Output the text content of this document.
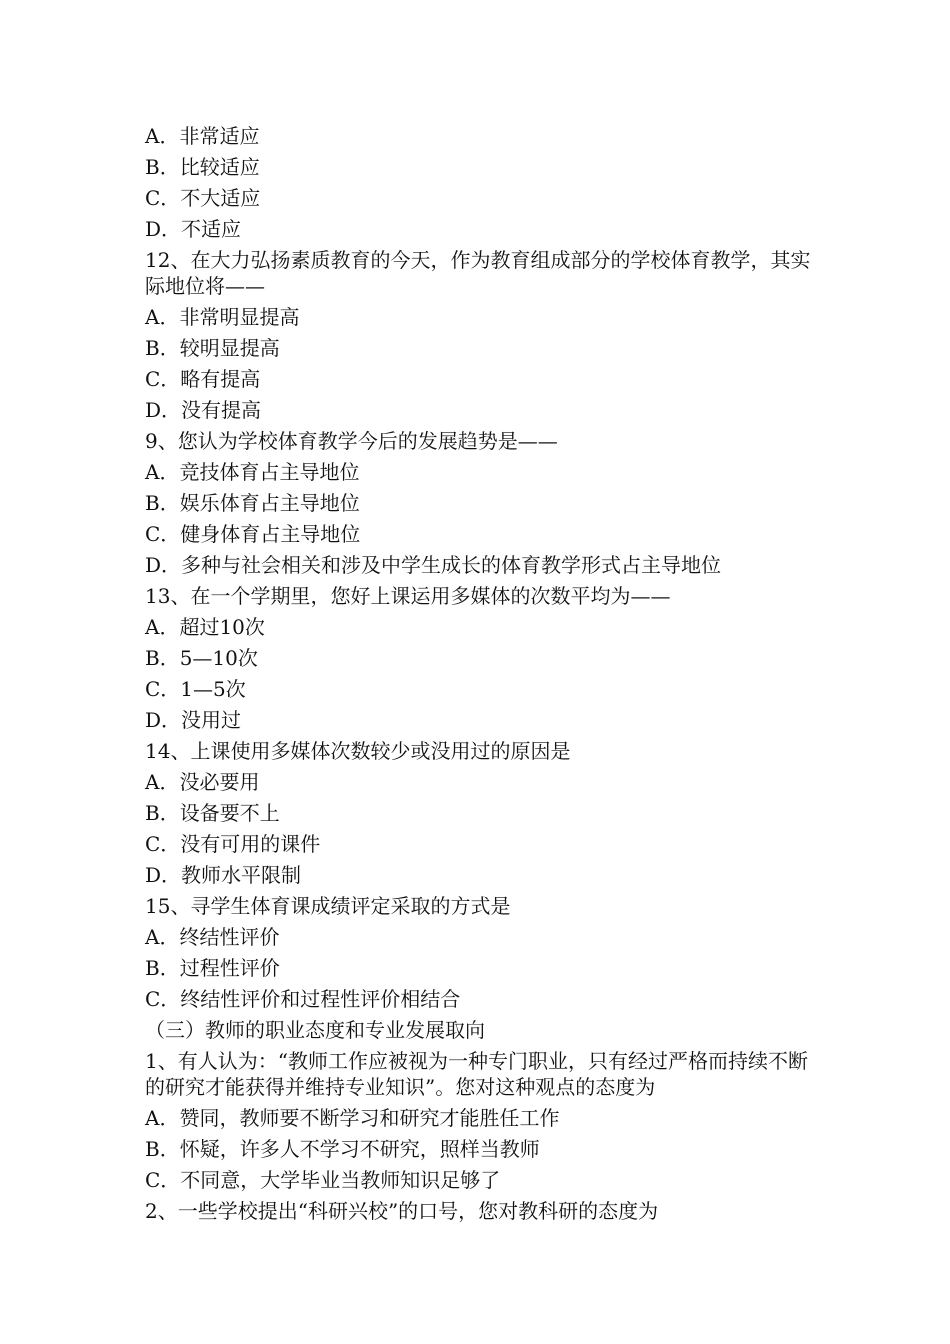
A．非常适应
B．比较适应
C．不大适应
D．不适应
12、在大力弘扬素质教育的今天，作为教育组成部分的学校体育教学，其实际地位将——
A．非常明显提高
B．较明显提高
C．略有提高
D．没有提高
9、您认为学校体育教学今后的发展趋势是——
A．竞技体育占主导地位
B．娱乐体育占主导地位
C．健身体育占主导地位
D．多种与社会相关和涉及中学生成长的体育教学形式占主导地位
13、在一个学期里，您好上课运用多媒体的次数平均为——
A．超过10次
B．5—10次
C．1—5次
D．没用过
14、上课使用多媒体次数较少或没用过的原因是
A．没必要用
B．设备要不上
C．没有可用的课件
D．教师水平限制
15、寻学生体育课成绩评定采取的方式是
A．终结性评价
B．过程性评价
C．终结性评价和过程性评价相结合
（三）教师的职业态度和专业发展取向
1、有人认为：“教师工作应被视为一种专门职业，只有经过严格而持续不断的研究才能获得并维持专业知识”。您对这种观点的态度为
A．赞同，教师要不断学习和研究才能胜任工作
B．怀疑，许多人不学习不研究，照样当教师
C．不同意，大学毕业当教师知识足够了
2、一些学校提出“科研兴校”的口号，您对教科研的态度为
